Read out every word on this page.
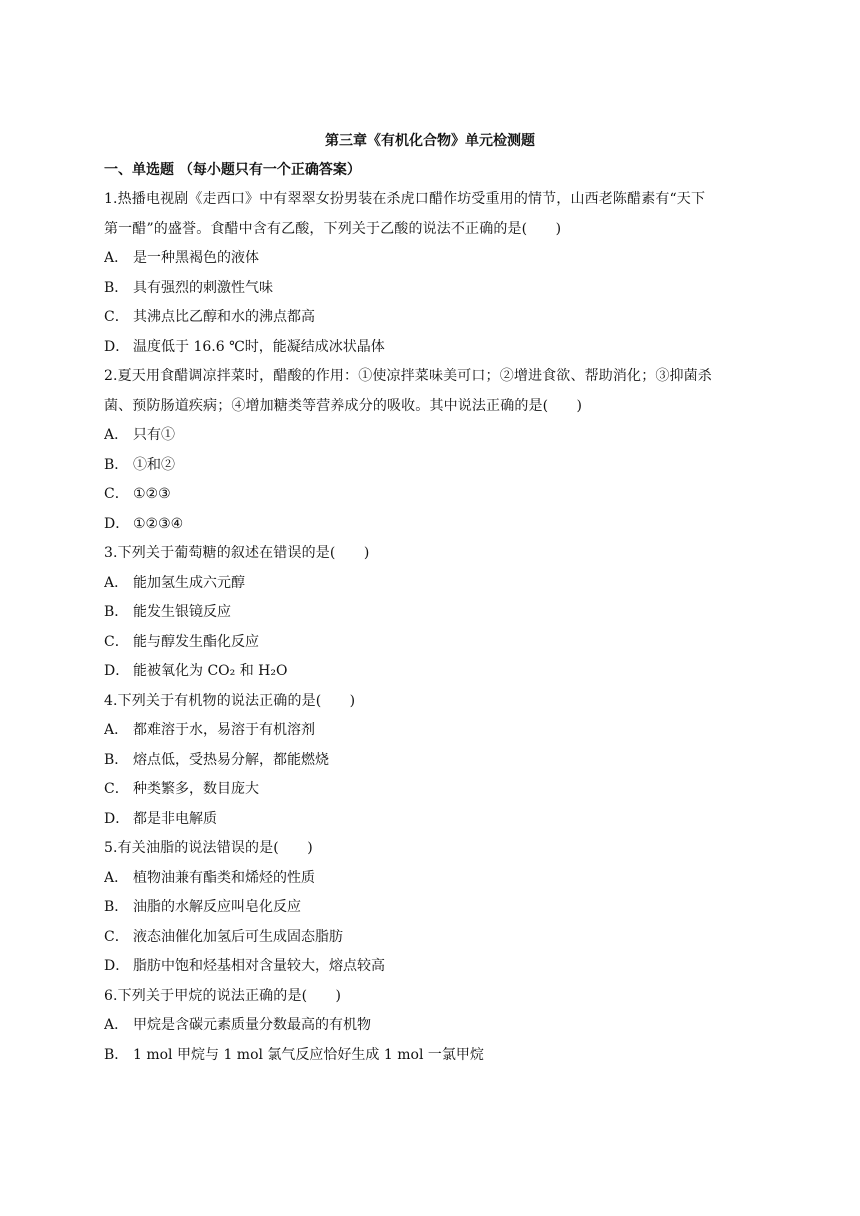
第三章《有机化合物》单元检测题
一、单选题 （每小题只有一个正确答案）
1.热播电视剧《走西口》中有翠翠女扮男装在杀虎口醋作坊受重用的情节，山西老陈醋素有“天下
第一醋”的盛誉。食醋中含有乙酸，下列关于乙酸的说法不正确的是(　　)
A． 是一种黑褐色的液体
B． 具有强烈的刺激性气味
C． 其沸点比乙醇和水的沸点都高
D． 温度低于 16.6 ℃时，能凝结成冰状晶体
2.夏天用食醋调凉拌菜时，醋酸的作用：①使凉拌菜味美可口；②增进食欲、帮助消化；③抑菌杀
菌、预防肠道疾病；④增加糖类等营养成分的吸收。其中说法正确的是(　　)
A． 只有①
B． ①和②
C． ①②③
D． ①②③④
3.下列关于葡萄糖的叙述在错误的是(　　)
A． 能加氢生成六元醇
B． 能发生银镜反应
C． 能与醇发生酯化反应
D． 能被氧化为 CO₂ 和 H₂O
4.下列关于有机物的说法正确的是(　　)
A． 都难溶于水，易溶于有机溶剂
B． 熔点低，受热易分解，都能燃烧
C． 种类繁多，数目庞大
D． 都是非电解质
5.有关油脂的说法错误的是(　　)
A． 植物油兼有酯类和烯烃的性质
B． 油脂的水解反应叫皂化反应
C． 液态油催化加氢后可生成固态脂肪
D． 脂肪中饱和烃基相对含量较大，熔点较高
6.下列关于甲烷的说法正确的是(　　)
A． 甲烷是含碳元素质量分数最高的有机物
B． 1 mol 甲烷与 1 mol 氯气反应恰好生成 1 mol 一氯甲烷
